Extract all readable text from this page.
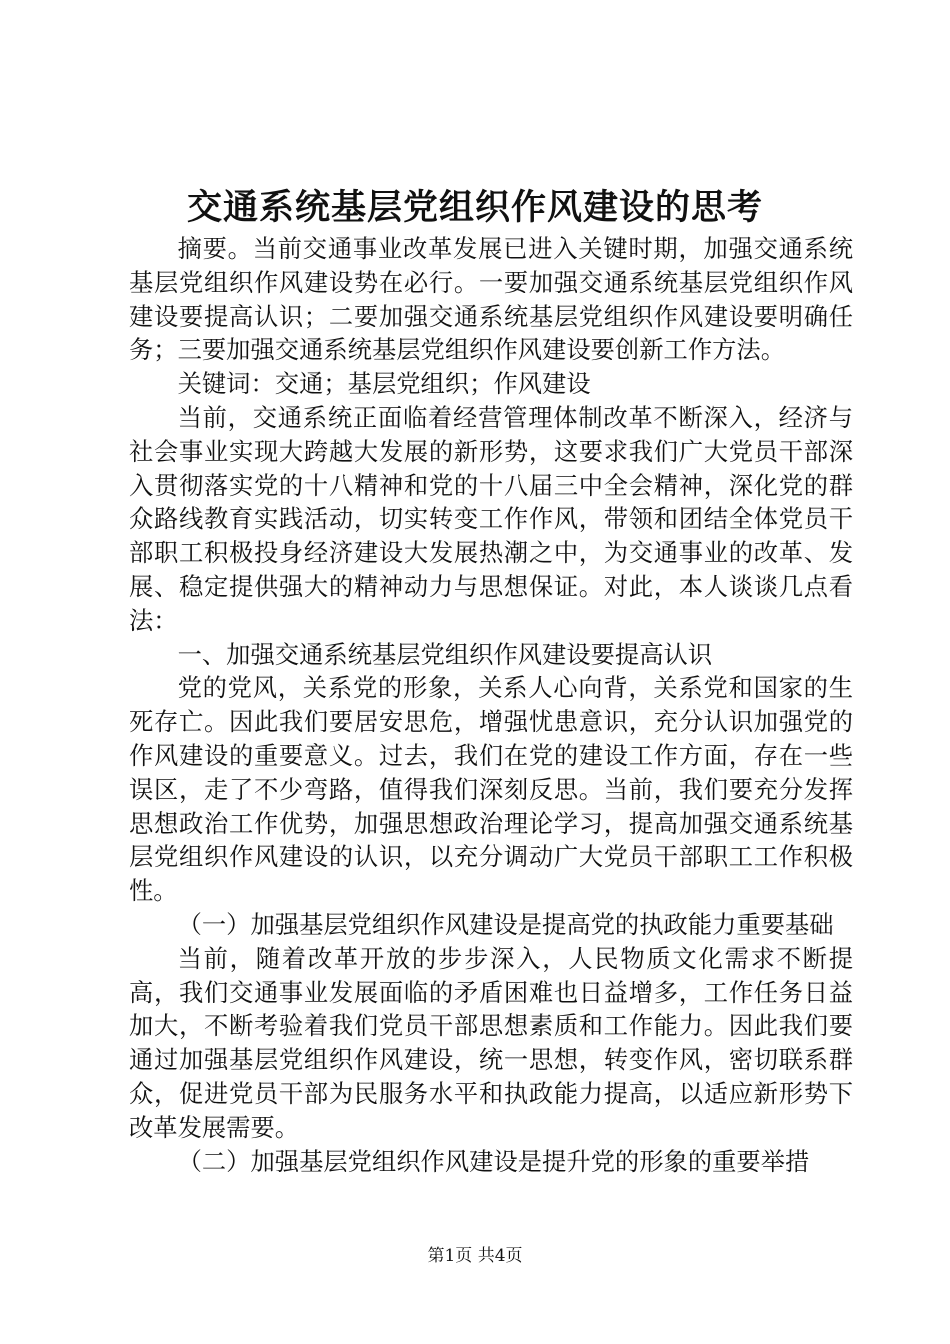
交通系统基层党组织作风建设的思考

摘要。当前交通事业改革发展已进入关键时期，加强交通系统基层党组织作风建设势在必行。一要加强交通系统基层党组织作风建设要提高认识；二要加强交通系统基层党组织作风建设要明确任务；三要加强交通系统基层党组织作风建设要创新工作方法。

关键词：交通；基层党组织；作风建设

当前，交通系统正面临着经营管理体制改革不断深入，经济与社会事业实现大跨越大发展的新形势，这要求我们广大党员干部深入贯彻落实党的十八精神和党的十八届三中全会精神，深化党的群众路线教育实践活动，切实转变工作作风，带领和团结全体党员干部职工积极投身经济建设大发展热潮之中，为交通事业的改革、发展、稳定提供强大的精神动力与思想保证。对此，本人谈谈几点看法：

一、加强交通系统基层党组织作风建设要提高认识

党的党风，关系党的形象，关系人心向背，关系党和国家的生死存亡。因此我们要居安思危，增强忧患意识，充分认识加强党的作风建设的重要意义。过去，我们在党的建设工作方面，存在一些误区，走了不少弯路，值得我们深刻反思。当前，我们要充分发挥思想政治工作优势，加强思想政治理论学习，提高加强交通系统基层党组织作风建设的认识，以充分调动广大党员干部职工工作积极性。

（一）加强基层党组织作风建设是提高党的执政能力重要基础

当前，随着改革开放的步步深入，人民物质文化需求不断提高，我们交通事业发展面临的矛盾困难也日益增多，工作任务日益加大，不断考验着我们党员干部思想素质和工作能力。因此我们要通过加强基层党组织作风建设，统一思想，转变作风，密切联系群众，促进党员干部为民服务水平和执政能力提高，以适应新形势下改革发展需要。

（二）加强基层党组织作风建设是提升党的形象的重要举措

第1页 共4页
